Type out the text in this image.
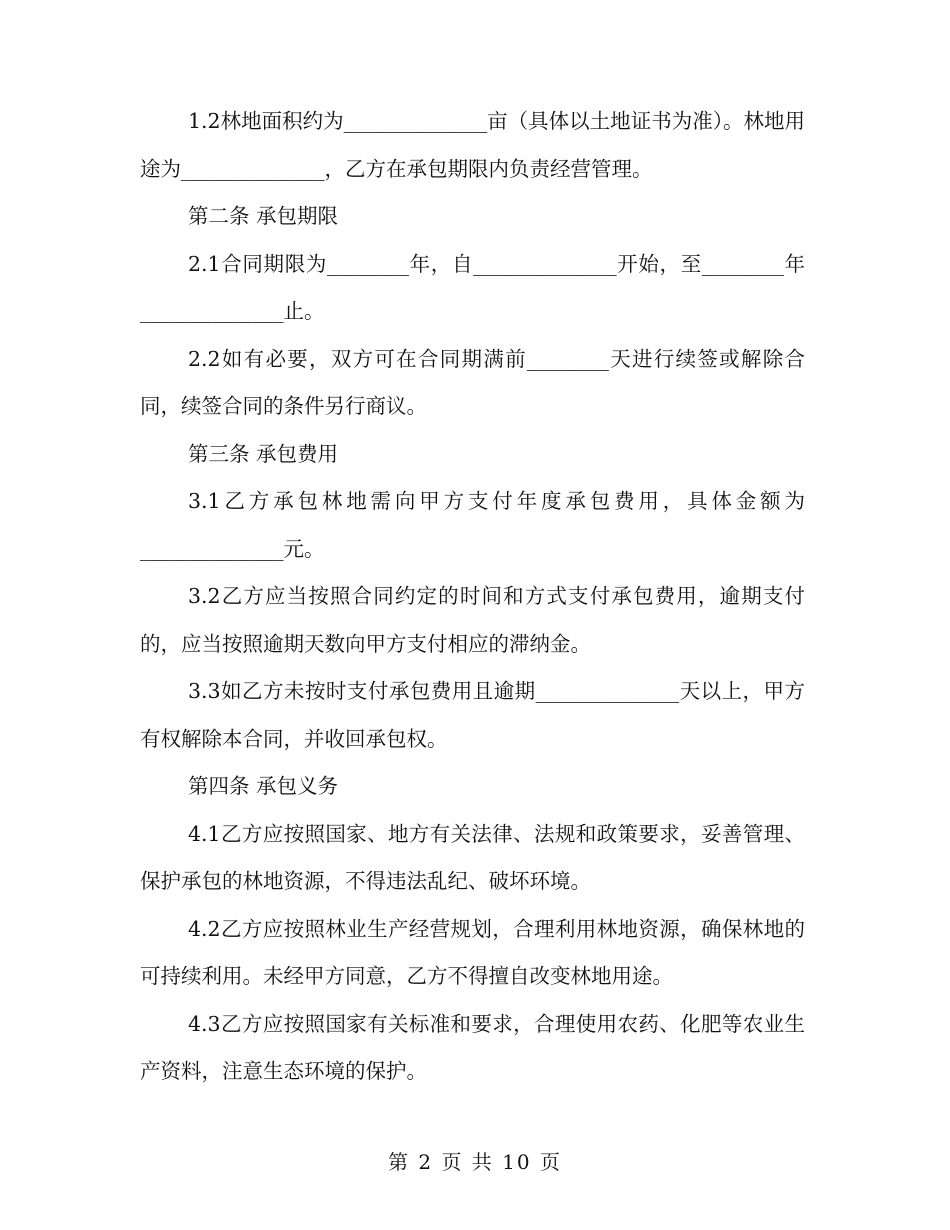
1.2林地面积约为______________亩（具体以土地证书为准）。林地用途为______________，乙方在承包期限内负责经营管理。

第二条 承包期限

2.1合同期限为________年，自______________开始，至________年______________止。

2.2如有必要，双方可在合同期满前________天进行续签或解除合同，续签合同的条件另行商议。

第三条 承包费用

3.1乙方承包林地需向甲方支付年度承包费用，具体金额为______________元。

3.2乙方应当按照合同约定的时间和方式支付承包费用，逾期支付的，应当按照逾期天数向甲方支付相应的滞纳金。

3.3如乙方未按时支付承包费用且逾期______________天以上，甲方有权解除本合同，并收回承包权。

第四条 承包义务

4.1乙方应按照国家、地方有关法律、法规和政策要求，妥善管理、保护承包的林地资源，不得违法乱纪、破坏环境。

4.2乙方应按照林业生产经营规划，合理利用林地资源，确保林地的可持续利用。未经甲方同意，乙方不得擅自改变林地用途。

4.3乙方应按照国家有关标准和要求，合理使用农药、化肥等农业生产资料，注意生态环境的保护。

第 2 页 共 10 页
